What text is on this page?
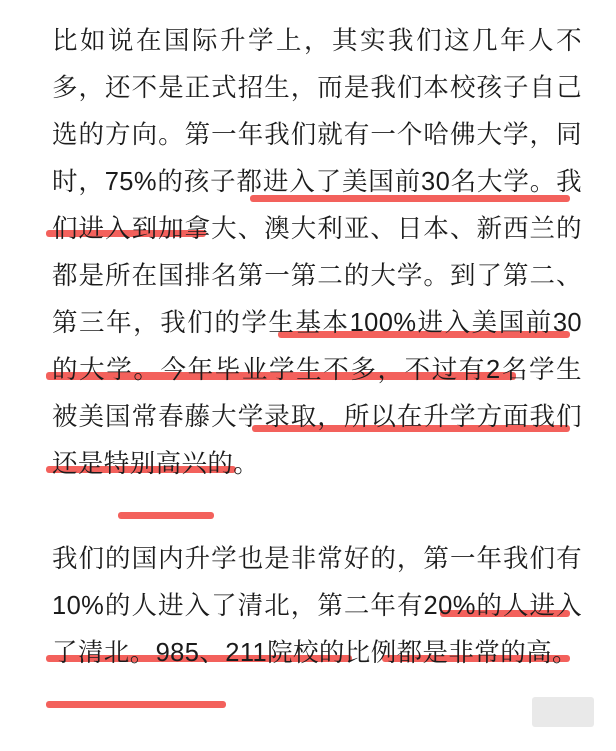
比如说在国际升学上，其实我们这几年人不多，还不是正式招生，而是我们本校孩子自己选的方向。第一年我们就有一个哈佛大学，同时，75%的孩子都进入了美国前30名大学。我们进入到加拿大、澳大利亚、日本、新西兰的都是所在国排名第一第二的大学。到了第二、第三年，我们的学生基本100%进入美国前30的大学。今年毕业学生不多，不过有2名学生被美国常春藤大学录取，所以在升学方面我们还是特别高兴的。

我们的国内升学也是非常好的，第一年我们有10%的人进入了清北，第二年有20%的人进入了清北。985、211院校的比例都是非常的高。
